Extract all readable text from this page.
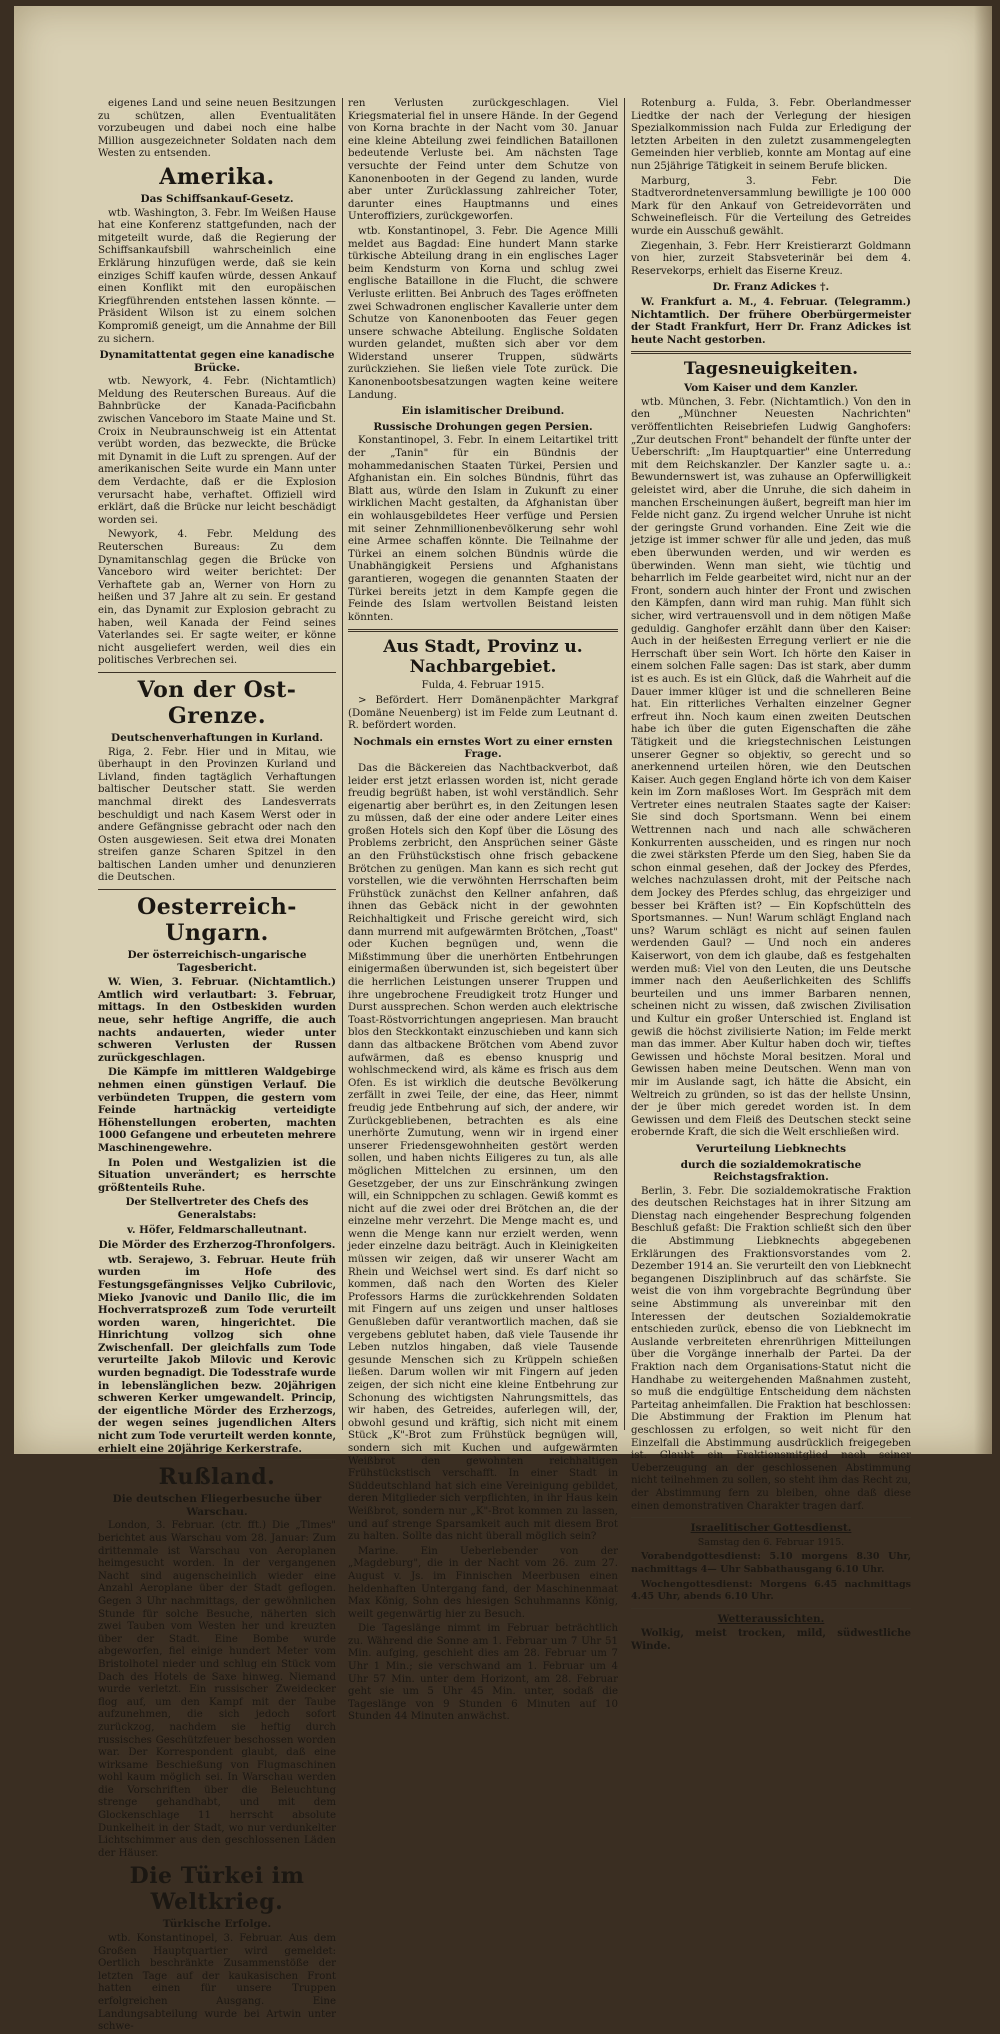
eigenes Land und seine neuen Besitzungen zu schützen, allen Eventualitäten vorzubeugen und dabei noch eine halbe Million ausgezeichneter Soldaten nach dem Westen zu entsenden.

Amerika.
Das Schiffsankauf-Gesetz.

wtb. Washington, 3. Febr. Im Weißen Hause hat eine Konferenz stattgefunden, nach der mitgeteilt wurde, daß die Regierung der Schiffsankaufsbill wahrscheinlich eine Erklärung hinzufügen werde, daß sie kein einziges Schiff kaufen würde, dessen Ankauf einen Konflikt mit den europäischen Kriegführenden entstehen lassen könnte. — Präsident Wilson ist zu einem solchen Kompromiß geneigt, um die Annahme der Bill zu sichern.

Dynamitattentat gegen eine kanadische Brücke.

wtb. Newyork, 4. Febr. (Nichtamtlich) Meldung des Reuterschen Bureaus. Auf die Bahnbrücke der Kanada-Pacificbahn zwischen Vanceboro im Staate Maine und St. Croix in Neubraunschweig ist ein Attentat verübt worden, das bezweckte, die Brücke mit Dynamit in die Luft zu sprengen. Auf der amerikanischen Seite wurde ein Mann unter dem Verdachte, daß er die Explosion verursacht habe, verhaftet. Offiziell wird erklärt, daß die Brücke nur leicht beschädigt worden sei.

Newyork, 4. Febr. Meldung des Reuterschen Bureaus: Zu dem Dynamitanschlag gegen die Brücke von Vanceboro wird weiter berichtet: Der Verhaftete gab an, Werner von Horn zu heißen und 37 Jahre alt zu sein. Er gestand ein, das Dynamit zur Explosion gebracht zu haben, weil Kanada der Feind seines Vaterlandes sei. Er sagte weiter, er könne nicht ausgeliefert werden, weil dies ein politisches Verbrechen sei.

Von der Ost-Grenze.
Deutschenverhaftungen in Kurland.

Riga, 2. Febr. Hier und in Mitau, wie überhaupt in den Provinzen Kurland und Livland, finden tagtäglich Verhaftungen baltischer Deutscher statt. Sie werden manchmal direkt des Landesverrats beschuldigt und nach Kasem Werst oder in andere Gefängnisse gebracht oder nach den Osten ausgewiesen. Seit etwa drei Monaten streifen ganze Scharen Spitzel in den baltischen Landen umher und denunzieren die Deutschen.

Oesterreich-Ungarn.
Der österreichisch-ungarische Tagesbericht.

W. Wien, 3. Februar. (Nichtamtlich.) Amtlich wird verlautbart: 3. Februar, mittags. In den Ostbeskiden wurden neue, sehr heftige Angriffe, die auch nachts andauerten, wieder unter schweren Verlusten der Russen zurückgeschlagen.

Die Kämpfe im mittleren Waldgebirge nehmen einen günstigen Verlauf. Die verbündeten Truppen, die gestern vom Feinde hartnäckig verteidigte Höhenstellungen eroberten, machten 1000 Gefangene und erbeuteten mehrere Maschinengewehre.

In Polen und Westgalizien ist die Situation unverändert; es herrschte größtenteils Ruhe.

Der Stellvertreter des Chefs des Generalstabs:

v. Höfer, Feldmarschalleutnant.

Die Mörder des Erzherzog-Thronfolgers.

wtb. Serajewo, 3. Februar. Heute früh wurden im Hofe des Festungsgefängnisses Veljko Cubrilovic, Mieko Jvanovic und Danilo Ilic, die im Hochverratsprozeß zum Tode verurteilt worden waren, hingerichtet. Die Hinrichtung vollzog sich ohne Zwischenfall. Der gleichfalls zum Tode verurteilte Jakob Milovic und Kerovic wurden begnadigt. Die Todesstrafe wurde in lebenslänglichen bezw. 20jährigen schweren Kerker umgewandelt. Princip, der eigentliche Mörder des Erzherzogs, der wegen seines jugendlichen Alters nicht zum Tode verurteilt werden konnte, erhielt eine 20jährige Kerkerstrafe.

Rußland.
Die deutschen Fliegerbesuche über Warschau.

London, 3. Februar. (ctr. fft.) Die „Times" berichtet aus Warschau vom 28. Januar: Zum drittenmale ist Warschau von Aeroplanen heimgesucht worden. In der vergangenen Nacht sind augenscheinlich wieder eine Anzahl Aeroplane über der Stadt geflogen. Gegen 3 Uhr nachmittags, der gewöhnlichen Stunde für solche Besuche, näherten sich zwei Tauben vom Westen her und kreuzten über der Stadt. Eine Bombe wurde abgeworfen, fiel einige hundert Meter vom Bristolhotel nieder und schlug ein Stück vom Dach des Hotels de Saxe hinweg. Niemand wurde verletzt. Ein russischer Zweidecker flog auf, um den Kampf mit der Taube aufzunehmen, die sich jedoch sofort zurückzog, nachdem sie heftig durch russisches Geschützfeuer beschossen worden war. Der Korrespondent glaubt, daß eine wirksame Beschießung von Flugmaschinen wohl kaum möglich sei. In Warschau werden die Vorschriften über die Beleuchtung strenge gehandhabt, und mit dem Glockenschlage 11 herrscht absolute Dunkelheit in der Stadt, wo nur verdunkelter Lichtschimmer aus den geschlossenen Läden der Häuser.

Die Türkei im Weltkrieg.
Türkische Erfolge.

wtb. Konstantinopel, 3. Februar. Aus dem Großen Hauptquartier wird gemeldet: Oertlich beschränkte Zusammenstöße der letzten Tage auf der kaukasischen Front hatten einen für unsere Truppen erfolgreichen Ausgang. Eine Landungsabteilung wurde bei Artwin unter schwe-

ren Verlusten zurückgeschlagen. Viel Kriegsmaterial fiel in unsere Hände. In der Gegend von Korna brachte in der Nacht vom 30. Januar eine kleine Abteilung zwei feindlichen Bataillonen bedeutende Verluste bei. Am nächsten Tage versuchte der Feind unter dem Schutze von Kanonenbooten in der Gegend zu landen, wurde aber unter Zurücklassung zahlreicher Toter, darunter eines Hauptmanns und eines Unteroffiziers, zurückgeworfen.

wtb. Konstantinopel, 3. Febr. Die Agence Milli meldet aus Bagdad: Eine hundert Mann starke türkische Abteilung drang in ein englisches Lager beim Kendsturm von Korna und schlug zwei englische Bataillone in die Flucht, die schwere Verluste erlitten. Bei Anbruch des Tages eröffneten zwei Schwadronen englischer Kavallerie unter dem Schutze von Kanonenbooten das Feuer gegen unsere schwache Abteilung. Englische Soldaten wurden gelandet, mußten sich aber vor dem Widerstand unserer Truppen, südwärts zurückziehen. Sie ließen viele Tote zurück. Die Kanonenbootsbesatzungen wagten keine weitere Landung.

Ein islamitischer Dreibund.
Russische Drohungen gegen Persien.

Konstantinopel, 3. Febr. In einem Leitartikel tritt der „Tanin" für ein Bündnis der mohammedanischen Staaten Türkei, Persien und Afghanistan ein. Ein solches Bündnis, führt das Blatt aus, würde den Islam in Zukunft zu einer wirklichen Macht gestalten, da Afghanistan über ein wohlausgebildetes Heer verfüge und Persien mit seiner Zehnmillionenbevölkerung sehr wohl eine Armee schaffen könnte. Die Teilnahme der Türkei an einem solchen Bündnis würde die Unabhängigkeit Persiens und Afghanistans garantieren, wogegen die genannten Staaten der Türkei bereits jetzt in dem Kampfe gegen die Feinde des Islam wertvollen Beistand leisten könnten.

Aus Stadt, Provinz u. Nachbargebiet.

Fulda, 4. Februar 1915.

> Befördert. Herr Domänenpächter Markgraf (Domäne Neuenberg) ist im Felde zum Leutnant d. R. befördert worden.

Nochmals ein ernstes Wort zu einer ernsten Frage.

Das die Bäckereien das Nachtbackverbot, daß leider erst jetzt erlassen worden ist, nicht gerade freudig begrüßt haben, ist wohl verständlich. Sehr eigenartig aber berührt es, in den Zeitungen lesen zu müssen, daß der eine oder andere Leiter eines großen Hotels sich den Kopf über die Lösung des Problems zerbricht, den Ansprüchen seiner Gäste an den Frühstückstisch ohne frisch gebackene Brötchen zu genügen. Man kann es sich recht gut vorstellen, wie die verwöhnten Herrschaften beim Frühstück zunächst den Kellner anfahren, daß ihnen das Gebäck nicht in der gewohnten Reichhaltigkeit und Frische gereicht wird, sich dann murrend mit aufgewärmten Brötchen, „Toast" oder Kuchen begnügen und, wenn die Mißstimmung über die unerhörten Entbehrungen einigermaßen überwunden ist, sich begeistert über die herrlichen Leistungen unserer Truppen und ihre ungebrochene Freudigkeit trotz Hunger und Durst aussprechen. Schon werden auch elektrische Toast-Röstvorrichtungen angepriesen. Man braucht blos den Steckkontakt einzuschieben und kann sich dann das altbackene Brötchen vom Abend zuvor aufwärmen, daß es ebenso knusprig und wohlschmeckend wird, als käme es frisch aus dem Ofen. Es ist wirklich die deutsche Bevölkerung zerfällt in zwei Teile, der eine, das Heer, nimmt freudig jede Entbehrung auf sich, der andere, wir Zurückgebliebenen, betrachten es als eine unerhörte Zumutung, wenn wir in irgend einer unserer Friedensgewohnheiten gestört werden sollen, und haben nichts Eiligeres zu tun, als alle möglichen Mittelchen zu ersinnen, um den Gesetzgeber, der uns zur Einschränkung zwingen will, ein Schnippchen zu schlagen. Gewiß kommt es nicht auf die zwei oder drei Brötchen an, die der einzelne mehr verzehrt. Die Menge macht es, und wenn die Menge kann nur erzielt werden, wenn jeder einzelne dazu beiträgt. Auch in Kleinigkeiten müssen wir zeigen, daß wir unserer Wacht am Rhein und Weichsel wert sind. Es darf nicht so kommen, daß nach den Worten des Kieler Professors Harms die zurückkehrenden Soldaten mit Fingern auf uns zeigen und unser haltloses Genußleben dafür verantwortlich machen, daß sie vergebens geblutet haben, daß viele Tausende ihr Leben nutzlos hingaben, daß viele Tausende gesunde Menschen sich zu Krüppeln schießen ließen. Darum wollen wir mit Fingern auf jeden zeigen, der sich nicht eine kleine Entbehrung zur Schonung des wichtigsten Nahrungsmittels, das wir haben, des Getreides, auferlegen will, der, obwohl gesund und kräftig, sich nicht mit einem Stück „K"-Brot zum Frühstück begnügen will, sondern sich mit Kuchen und aufgewärmten Weißbrot den gewohnten reichhaltigen Frühstückstisch verschafft. In einer Stadt in Süddeutschland hat sich eine Vereinigung gebildet, deren Mitglieder sich verpflichten, in ihr Haus kein Weißbrot, sondern nur „K"-Brot kommen zu lassen, und auf strenge Sparsamkeit auch mit diesem Brot zu halten. Sollte das nicht überall möglich sein?

Marine. Ein Ueberlebender von der „Magdeburg", die in der Nacht vom 26. zum 27. August v. Js. im Finnischen Meerbusen einen heldenhaften Untergang fand, der Maschinenmaat Max König, Sohn des hiesigen Schuhmanns König, weilt gegenwärtig hier zu Besuch.

Die Tageslänge nimmt im Februar beträchtlich zu. Während die Sonne am 1. Februar um 7 Uhr 51 Min. aufging, geschieht dies am 28. Februar um 7 Uhr 1 Min.; sie verschwand am 1. Februar um 4 Uhr 57 Min. unter dem Horizont, am 28. Februar geht sie um 5 Uhr 45 Min. unter, sodaß die Tageslänge von 9 Stunden 6 Minuten auf 10 Stunden 44 Minuten anwächst.

Rotenburg a. Fulda, 3. Febr. Oberlandmesser Liedtke der nach der Verlegung der hiesigen Spezialkommission nach Fulda zur Erledigung der letzten Arbeiten in den zuletzt zusammengelegten Gemeinden hier verblieb, konnte am Montag auf eine nun 25jährige Tätigkeit in seinem Berufe blicken.

Marburg, 3. Febr. Die Stadtverordnetenversammlung bewilligte je 100 000 Mark für den Ankauf von Getreidevorräten und Schweinefleisch. Für die Verteilung des Getreides wurde ein Ausschuß gewählt.

Ziegenhain, 3. Febr. Herr Kreistierarzt Goldmann von hier, zurzeit Stabsveterinär bei dem 4. Reservekorps, erhielt das Eiserne Kreuz.

Dr. Franz Adickes †.

W. Frankfurt a. M., 4. Februar. (Telegramm.) Nichtamtlich. Der frühere Oberbürgermeister der Stadt Frankfurt, Herr Dr. Franz Adickes ist heute Nacht gestorben.

Tagesneuigkeiten.
Vom Kaiser und dem Kanzler.

wtb. München, 3. Febr. (Nichtamtlich.) Von den in den „Münchner Neuesten Nachrichten" veröffentlichten Reisebriefen Ludwig Ganghofers: „Zur deutschen Front" behandelt der fünfte unter der Ueberschrift: „Im Hauptquartier" eine Unterredung mit dem Reichskanzler. Der Kanzler sagte u. a.: Bewundernswert ist, was zuhause an Opferwilligkeit geleistet wird, aber die Unruhe, die sich daheim in manchen Erscheinungen äußert, begreift man hier im Felde nicht ganz. Zu irgend welcher Unruhe ist nicht der geringste Grund vorhanden. Eine Zeit wie die jetzige ist immer schwer für alle und jeden, das muß eben überwunden werden, und wir werden es überwinden. Wenn man sieht, wie tüchtig und beharrlich im Felde gearbeitet wird, nicht nur an der Front, sondern auch hinter der Front und zwischen den Kämpfen, dann wird man ruhig. Man fühlt sich sicher, wird vertrauensvoll und in dem nötigen Maße geduldig. Ganghofer erzählt dann über den Kaiser: Auch in der heißesten Erregung verliert er nie die Herrschaft über sein Wort. Ich hörte den Kaiser in einem solchen Falle sagen: Das ist stark, aber dumm ist es auch. Es ist ein Glück, daß die Wahrheit auf die Dauer immer klüger ist und die schnelleren Beine hat. Ein ritterliches Verhalten einzelner Gegner erfreut ihn. Noch kaum einen zweiten Deutschen habe ich über die guten Eigenschaften die zähe Tätigkeit und die kriegstechnischen Leistungen unserer Gegner so objektiv, so gerecht und so anerkennend urteilen hören, wie den Deutschen Kaiser. Auch gegen England hörte ich von dem Kaiser kein im Zorn maßloses Wort. Im Gespräch mit dem Vertreter eines neutralen Staates sagte der Kaiser: Sie sind doch Sportsmann. Wenn bei einem Wettrennen nach und nach alle schwächeren Konkurrenten ausscheiden, und es ringen nur noch die zwei stärksten Pferde um den Sieg, haben Sie da schon einmal gesehen, daß der Jockey des Pferdes, welches nachzulassen droht, mit der Peitsche nach dem Jockey des Pferdes schlug, das ehrgeiziger und besser bei Kräften ist? — Ein Kopfschütteln des Sportsmannes. — Nun! Warum schlägt England nach uns? Warum schlägt es nicht auf seinen faulen werdenden Gaul? — Und noch ein anderes Kaiserwort, von dem ich glaube, daß es festgehalten werden muß: Viel von den Leuten, die uns Deutsche immer nach den Aeußerlichkeiten des Schliffs beurteilen und uns immer Barbaren nennen, scheinen nicht zu wissen, daß zwischen Zivilisation und Kultur ein großer Unterschied ist. England ist gewiß die höchst zivilisierte Nation; im Felde merkt man das immer. Aber Kultur haben doch wir, tieftes Gewissen und höchste Moral besitzen. Moral und Gewissen haben meine Deutschen. Wenn man von mir im Auslande sagt, ich hätte die Absicht, ein Weltreich zu gründen, so ist das der hellste Unsinn, der je über mich geredet worden ist. In dem Gewissen und dem Fleiß des Deutschen steckt seine erobernde Kraft, die sich die Welt erschließen wird.

Verurteilung Liebknechts
durch die sozialdemokratische Reichstagsfraktion.

Berlin, 3. Febr. Die sozialdemokratische Fraktion des deutschen Reichstages hat in ihrer Sitzung am Dienstag nach eingehender Besprechung folgenden Beschluß gefaßt: Die Fraktion schließt sich den über die Abstimmung Liebknechts abgegebenen Erklärungen des Fraktionsvorstandes vom 2. Dezember 1914 an. Sie verurteilt den von Liebknecht begangenen Disziplinbruch auf das schärfste. Sie weist die von ihm vorgebrachte Begründung über seine Abstimmung als unvereinbar mit den Interessen der deutschen Sozialdemokratie entschieden zurück, ebenso die von Liebknecht im Auslande verbreiteten ehrenrührigen Mitteilungen über die Vorgänge innerhalb der Partei. Da der Fraktion nach dem Organisations-Statut nicht die Handhabe zu weitergehenden Maßnahmen zusteht, so muß die endgültige Entscheidung dem nächsten Parteitag anheimfallen. Die Fraktion hat beschlossen: Die Abstimmung der Fraktion im Plenum hat geschlossen zu erfolgen, so weit nicht für den Einzelfall die Abstimmung ausdrücklich freigegeben ist. Glaubt ein Fraktionsmitglied nach seiner Ueberzeugung an der geschlossenen Abstimmung nicht teilnehmen zu sollen, so steht ihm das Recht zu, der Abstimmung fern zu bleiben, ohne daß diese einen demonstrativen Charakter tragen darf.

Israelitischer Gottesdienst.

Samstag den 6. Februar 1915.

Vorabendgottesdienst: 5.10 morgens 8.30 Uhr, nachmittags 4— Uhr Sabbathausgang 6.10 Uhr.

Wochengottesdienst: Morgens 6.45 nachmittags 4.45 Uhr, abends 6.10 Uhr.

Wetteraussichten.

Wolkig, meist trocken, mild, südwestliche Winde.
